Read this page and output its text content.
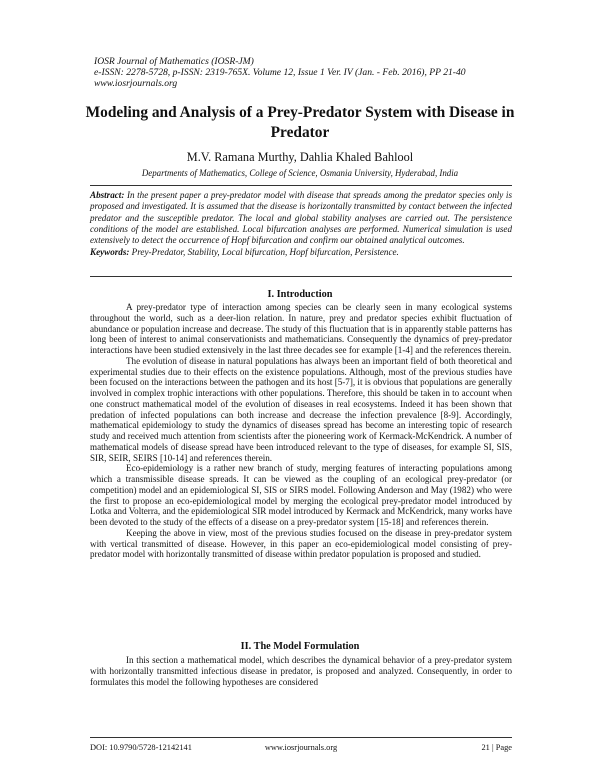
IOSR Journal of Mathematics (IOSR-JM)
e-ISSN: 2278-5728, p-ISSN: 2319-765X. Volume 12, Issue 1 Ver. IV (Jan. - Feb. 2016), PP 21-40
www.iosrjournals.org
Modeling and Analysis of a Prey-Predator System with Disease in Predator
M.V. Ramana Murthy, Dahlia Khaled Bahlool
Departments of Mathematics, College of Science, Osmania University, Hyderabad, India

Abstract: In the present paper a prey-predator model with disease that spreads among the predator species only is proposed and investigated. It is assumed that the disease is horizontally transmitted by contact between the infected predator and the susceptible predator. The local and global stability analyses are carried out. The persistence conditions of the model are established. Local bifurcation analyses are performed. Numerical simulation is used extensively to detect the occurrence of Hopf bifurcation and confirm our obtained analytical outcomes.

Keywords: Prey-Predator, Stability, Local bifurcation, Hopf bifurcation, Persistence.

I. Introduction

A prey-predator type of interaction among species can be clearly seen in many ecological systems throughout the world, such as a deer-lion relation. In nature, prey and predator species exhibit fluctuation of abundance or population increase and decrease. The study of this fluctuation that is in apparently stable patterns has long been of interest to animal conservationists and mathematicians. Consequently the dynamics of prey-predator interactions have been studied extensively in the last three decades see for example [1-4] and the references therein.

The evolution of disease in natural populations has always been an important field of both theoretical and experimental studies due to their effects on the existence populations. Although, most of the previous studies have been focused on the interactions between the pathogen and its host [5-7], it is obvious that populations are generally involved in complex trophic interactions with other populations. Therefore, this should be taken in to account when one construct mathematical model of the evolution of diseases in real ecosystems. Indeed it has been shown that predation of infected populations can both increase and decrease the infection prevalence [8-9]. Accordingly, mathematical epidemiology to study the dynamics of diseases spread has become an interesting topic of research study and received much attention from scientists after the pioneering work of Kermack-McKendrick. A number of mathematical models of disease spread have been introduced relevant to the type of diseases, for example SI, SIS, SIR, SEIR, SEIRS [10-14] and references therein.

Eco-epidemiology is a rather new branch of study, merging features of interacting populations among which a transmissible disease spreads. It can be viewed as the coupling of an ecological prey-predator (or competition) model and an epidemiological SI, SIS or SIRS model. Following Anderson and May (1982) who were the first to propose an eco-epidemiological model by merging the ecological prey-predator model introduced by Lotka and Volterra, and the epidemiological SIR model introduced by Kermack and McKendrick, many works have been devoted to the study of the effects of a disease on a prey-predator system [15-18] and references therein.

Keeping the above in view, most of the previous studies focused on the disease in prey-predator system with vertical transmitted of disease. However, in this paper an eco-epidemiological model consisting of prey-predator model with horizontally transmitted of disease within predator population is proposed and studied.

II. The Model Formulation

In this section a mathematical model, which describes the dynamical behavior of a prey-predator system with horizontally transmitted infectious disease in predator, is proposed and analyzed. Consequently, in order to formulates this model the following hypotheses are considered

DOI: 10.9790/5728-12142141	www.iosrjournals.org	21 | Page
